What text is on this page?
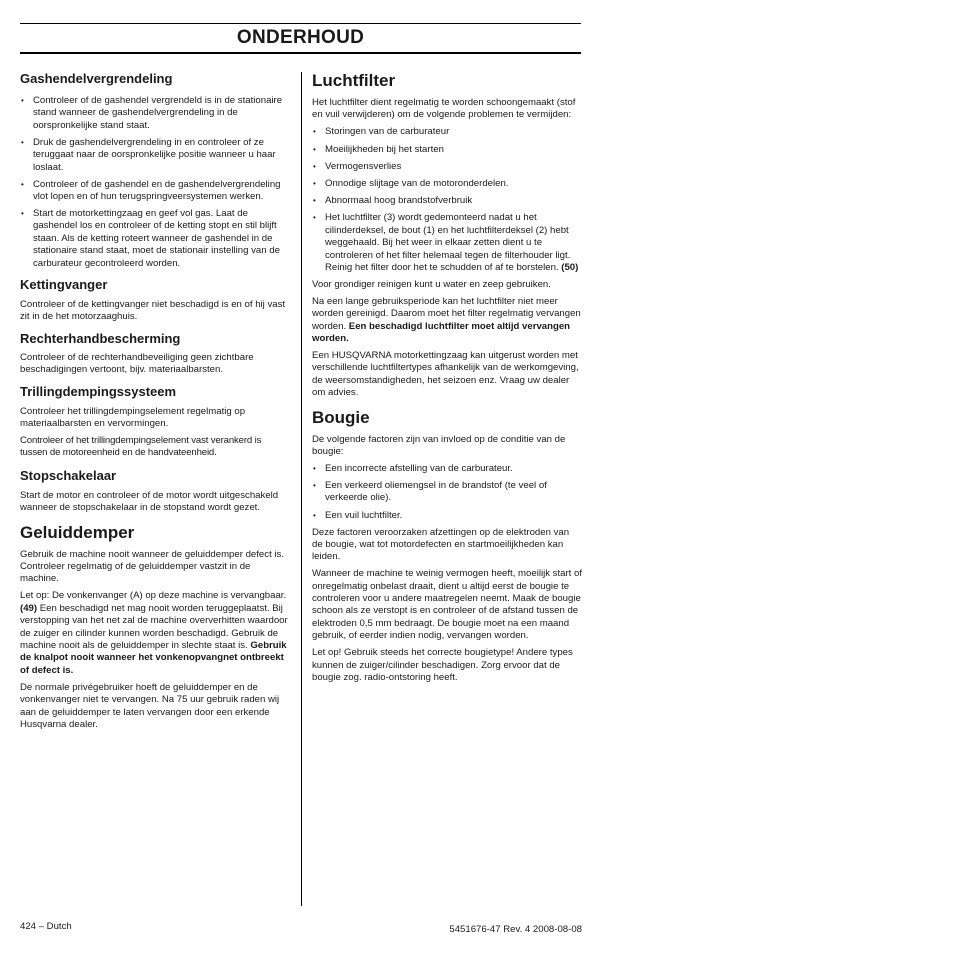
ONDERHOUD
Gashendelvergrendeling
• Controleer of de gashendel vergrendeld is in de stationaire stand wanneer de gashendelvergrendeling in de oorspronkelijke stand staat.
• Druk de gashendelvergrendeling in en controleer of ze teruggaat naar de oorspronkelijke positie wanneer u haar loslaat.
• Controleer of de gashendel en de gashendelvergrendeling vlot lopen en of hun terugspringveersystemen werken.
• Start de motorkettingzaag en geef vol gas. Laat de gashendel los en controleer of de ketting stopt en stil blijft staan. Als de ketting roteert wanneer de gashendel in de stationaire stand staat, moet de stationair instelling van de carburateur gecontroleerd worden.
Kettingvanger

Controleer of de kettingvanger niet beschadigd is en of hij vast zit in de het motorzaaghuis.

Rechterhandbescherming

Controleer of de rechterhandbeveiliging geen zichtbare beschadigingen vertoont, bijv. materiaalbarsten.

Trillingdempingssysteem

Controleer het trillingdempingselement regelmatig op materiaalbarsten en vervormingen.

Controleer of het trillingdempingselement vast verankerd is tussen de motoreenheid en de handvateenheid.

Stopschakelaar

Start de motor en controleer of de motor wordt uitgeschakeld wanneer de stopschakelaar in de stopstand wordt gezet.

Geluiddemper

Gebruik de machine nooit wanneer de geluiddemper defect is. Controleer regelmatig of de geluiddemper vastzit in de machine.

Let op: De vonkenvanger (A) op deze machine is vervangbaar. (49) Een beschadigd net mag nooit worden teruggeplaatst. Bij verstopping van het net zal de machine oververhitten waardoor de zuiger en cilinder kunnen worden beschadigd. Gebruik de machine nooit als de geluiddemper in slechte staat is. Gebruik de knalpot nooit wanneer het vonkenopvangnet ontbreekt of defect is.

De normale privégebruiker hoeft de geluiddemper en de vonkenvanger niet te vervangen. Na 75 uur gebruik raden wij aan de geluiddemper te laten vervangen door een erkende Husqvarna dealer.

Luchtfilter

Het luchtfilter dient regelmatig te worden schoongemaakt (stof en vuil verwijderen) om de volgende problemen te vermijden:

• Storingen van de carburateur
• Moeilijkheden bij het starten
• Vermogensverlies
• Onnodige slijtage van de motoronderdelen.
• Abnormaal hoog brandstofverbruik
• Het luchtfilter (3) wordt gedemonteerd nadat u het cilinderdeksel, de bout (1) en het luchtfilterdeksel (2) hebt weggehaald. Bij het weer in elkaar zetten dient u te controleren of het filter helemaal tegen de filterhouder ligt. Reinig het filter door het te schudden of af te borstelen. (50)

Voor grondiger reinigen kunt u water en zeep gebruiken.

Na een lange gebruiksperiode kan het luchtfilter niet meer worden gereinigd. Daarom moet het filter regelmatig vervangen worden. Een beschadigd luchtfilter moet altijd vervangen worden.

Een HUSQVARNA motorkettingzaag kan uitgerust worden met verschillende luchtfiltertypes afhankelijk van de werkomgeving, de weersomstandigheden, het seizoen enz. Vraag uw dealer om advies.

Bougie

De volgende factoren zijn van invloed op de conditie van de bougie:

• Een incorrecte afstelling van de carburateur.
• Een verkeerd oliemengsel in de brandstof (te veel of verkeerde olie).
• Een vuil luchtfilter.

Deze factoren veroorzaken afzettingen op de elektroden van de bougie, wat tot motordefecten en startmoeilijkheden kan leiden.

Wanneer de machine te weinig vermogen heeft, moeilijk start of onregelmatig onbelast draait, dient u altijd eerst de bougie te controleren voor u andere maatregelen neemt. Maak de bougie schoon als ze verstopt is en controleer of de afstand tussen de elektroden 0,5 mm bedraagt. De bougie moet na een maand gebruik, of eerder indien nodig, vervangen worden.

Let op! Gebruik steeds het correcte bougietype! Andere types kunnen de zuiger/cilinder beschadigen. Zorg ervoor dat de bougie zog. radio-ontstoring heeft.

424 – Dutch	5451676-47 Rev. 4 2008-08-08
